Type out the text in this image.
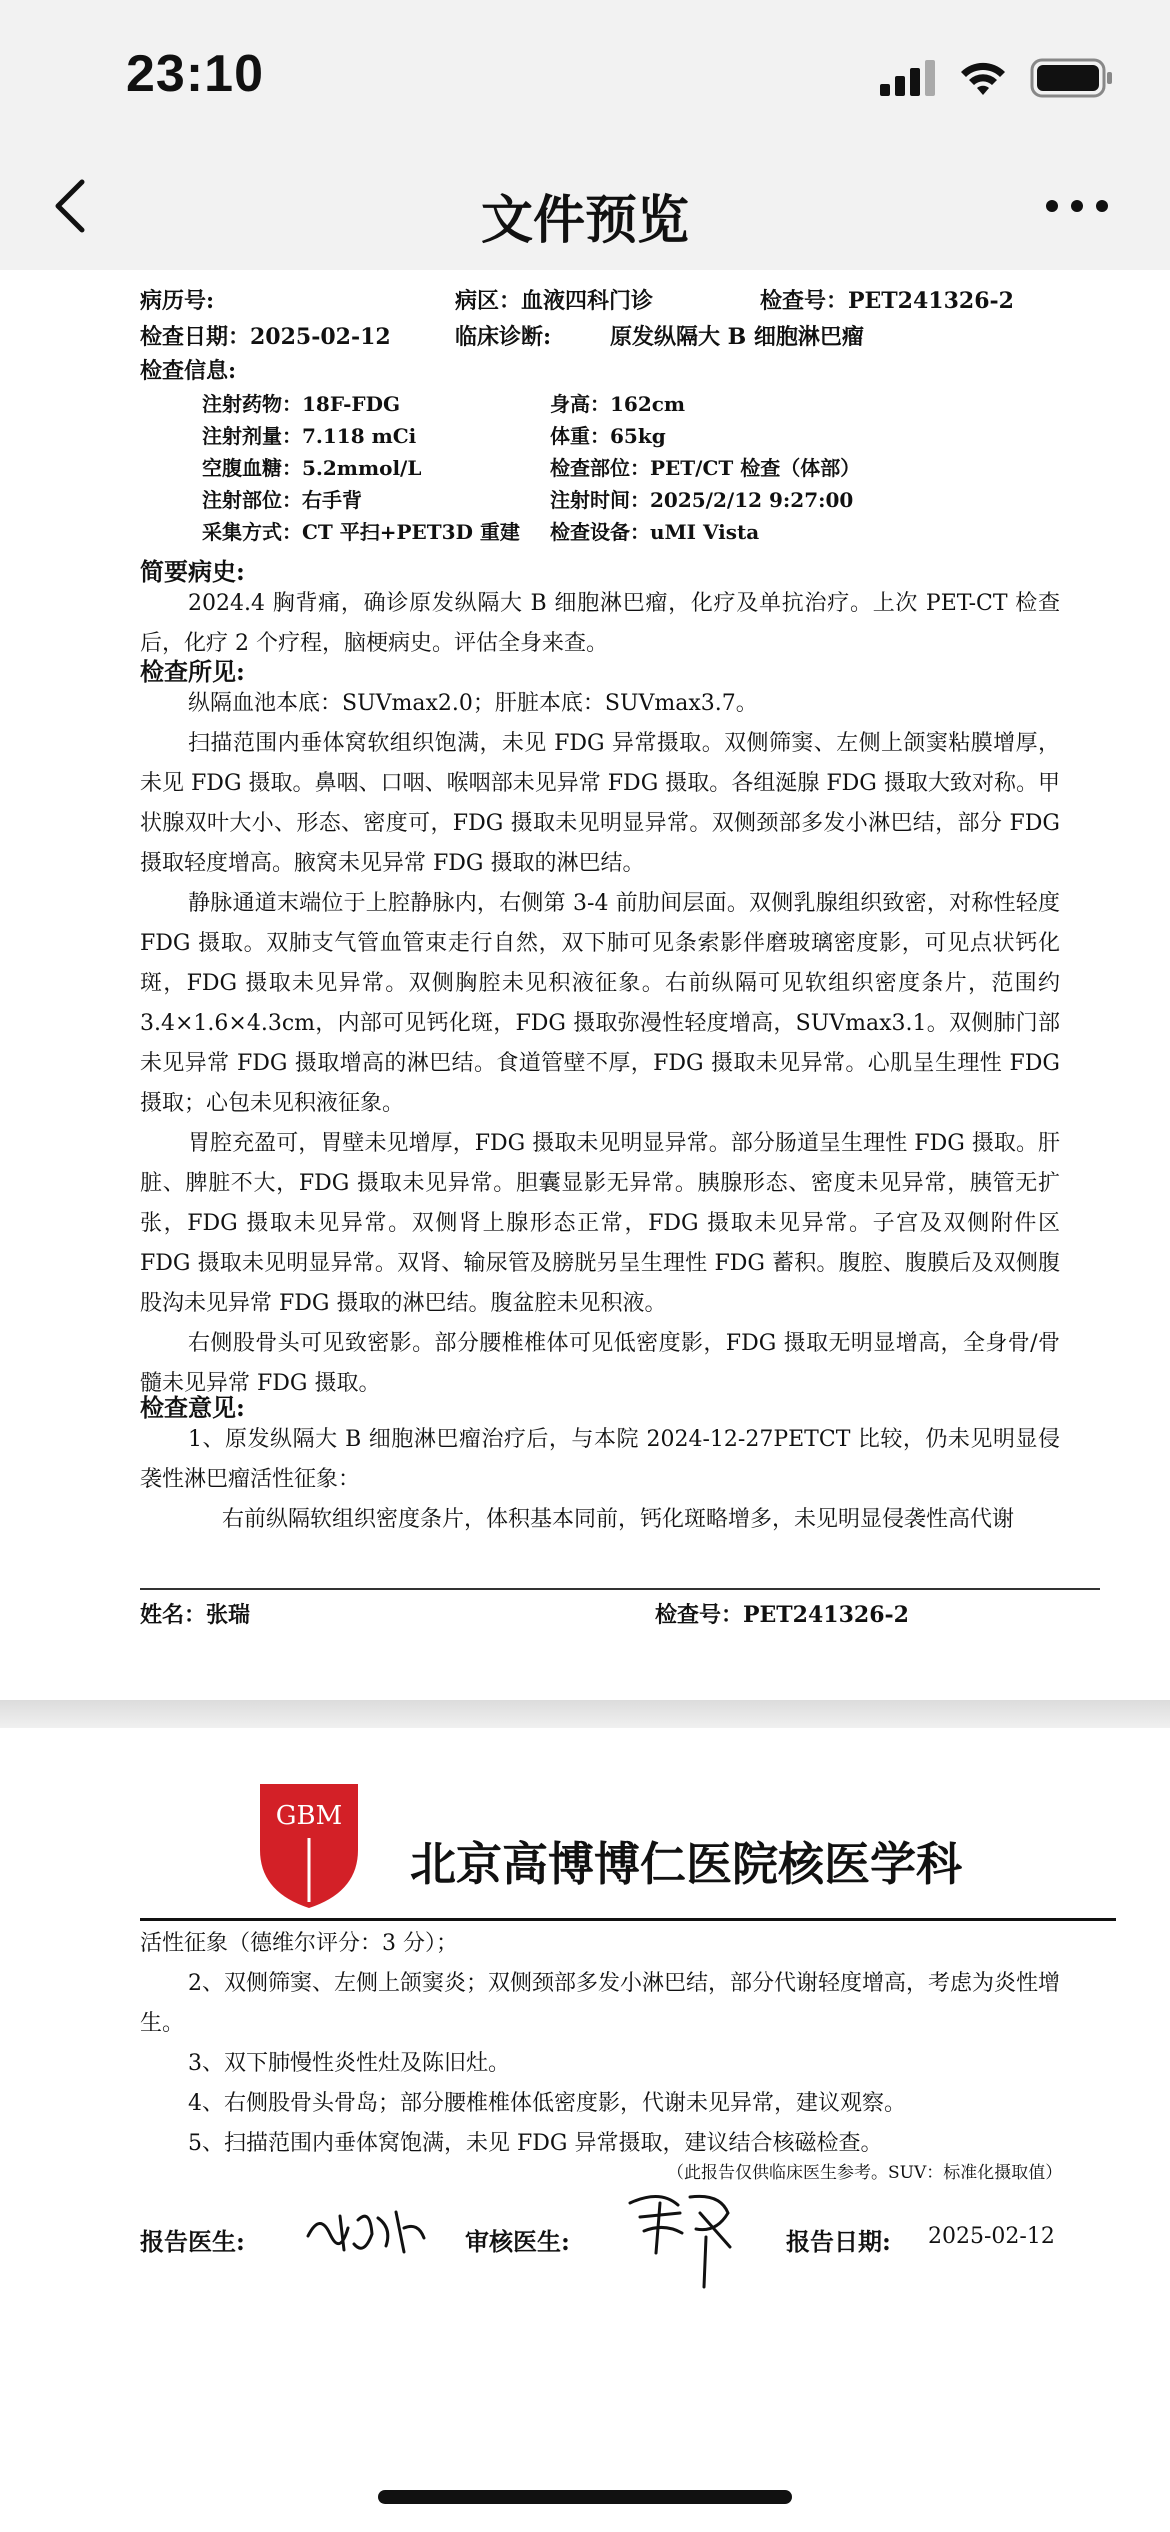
23:10
文件预览
病历号:	病区：血液四科门诊	检查号：PET241326-2
检查日期：2025-02-12	临床诊断:	原发纵隔大 B 细胞淋巴瘤
检查信息:
注射药物：18F-FDG	身高：162cm
注射剂量：7.118 mCi	体重：65kg
空腹血糖：5.2mmol/L	检查部位：PET/CT 检查（体部）
注射部位：右手背	注射时间：2025/2/12 9:27:00
采集方式：CT 平扫+PET3D 重建 检查设备：uMI Vista
简要病史:

2024.4 胸背痛，确诊原发纵隔大 B 细胞淋巴瘤，化疗及单抗治疗。上次 PET-CT 检查后，化疗 2 个疗程，脑梗病史。评估全身来查。

检查所见:

纵隔血池本底：SUVmax2.0；肝脏本底：SUVmax3.7。

扫描范围内垂体窝软组织饱满，未见 FDG 异常摄取。双侧筛窦、左侧上颌窦粘膜增厚，未见 FDG 摄取。鼻咽、口咽、喉咽部未见异常 FDG 摄取。各组涎腺 FDG 摄取大致对称。甲状腺双叶大小、形态、密度可，FDG 摄取未见明显异常。双侧颈部多发小淋巴结，部分 FDG 摄取轻度增高。腋窝未见异常 FDG 摄取的淋巴结。

静脉通道末端位于上腔静脉内，右侧第 3-4 前肋间层面。双侧乳腺组织致密，对称性轻度 FDG 摄取。双肺支气管血管束走行自然，双下肺可见条索影伴磨玻璃密度影，可见点状钙化斑，FDG 摄取未见异常。双侧胸腔未见积液征象。右前纵隔可见软组织密度条片，范围约 3.4×1.6×4.3cm，内部可见钙化斑，FDG 摄取弥漫性轻度增高，SUVmax3.1。双侧肺门部未见异常 FDG 摄取增高的淋巴结。食道管壁不厚，FDG 摄取未见异常。心肌呈生理性 FDG 摄取；心包未见积液征象。

胃腔充盈可，胃壁未见增厚，FDG 摄取未见明显异常。部分肠道呈生理性 FDG 摄取。肝脏、脾脏不大，FDG 摄取未见异常。胆囊显影无异常。胰腺形态、密度未见异常，胰管无扩张，FDG 摄取未见异常。双侧肾上腺形态正常，FDG 摄取未见异常。子宫及双侧附件区 FDG 摄取未见明显异常。双肾、输尿管及膀胱另呈生理性 FDG 蓄积。腹腔、腹膜后及双侧腹股沟未见异常 FDG 摄取的淋巴结。腹盆腔未见积液。

右侧股骨头可见致密影。部分腰椎椎体可见低密度影，FDG 摄取无明显增高，全身骨/骨髓未见异常 FDG 摄取。

检查意见:

1、原发纵隔大 B 细胞淋巴瘤治疗后，与本院 2024-12-27PETCT 比较，仍未见明显侵袭性淋巴瘤活性征象：

右前纵隔软组织密度条片，体积基本同前，钙化斑略增多，未见明显侵袭性高代谢

姓名：张瑞	检查号：PET241326-2
GBM
北京高博博仁医院核医学科

活性征象（德维尔评分：3 分）；

2、双侧筛窦、左侧上颌窦炎；双侧颈部多发小淋巴结，部分代谢轻度增高，考虑为炎性增生。

3、双下肺慢性炎性灶及陈旧灶。

4、右侧股骨头骨岛；部分腰椎椎体低密度影，代谢未见异常，建议观察。

5、扫描范围内垂体窝饱满，未见 FDG 异常摄取，建议结合核磁检查。

（此报告仅供临床医生参考。SUV：标准化摄取值）
报告医生:	审核医生:	报告日期: 2025-02-12
